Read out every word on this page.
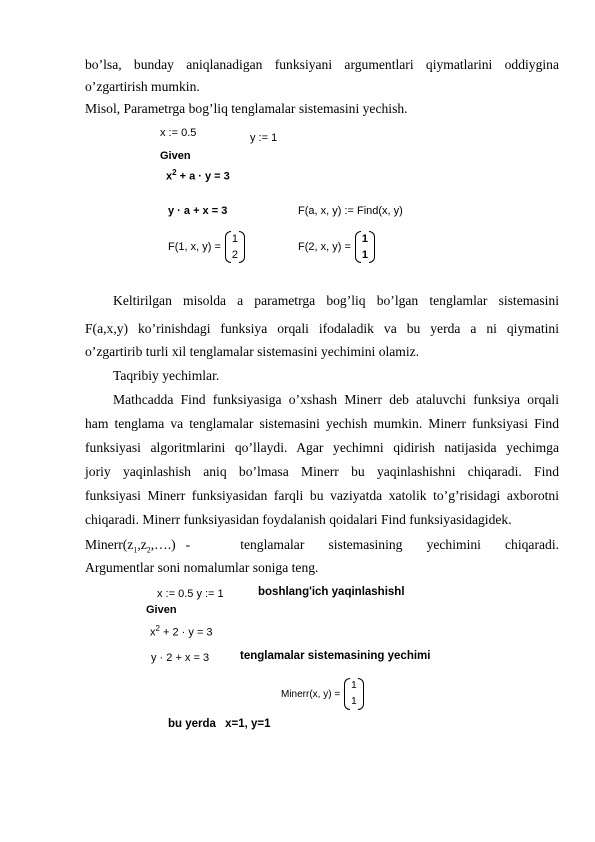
bo’lsa, bunday aniqlanadigan funksiyani argumentlari qiymatlarini oddiygina
o’zgartirish mumkin.
Misol, Parametrga bog’liq tenglamalar sistemasini yechish.
x := 0.5	y := 1
Given
$x^2 + a \cdot y = 3$
y · a + x = 3	F(a, x, y) := Find(x, y)
F(1, x, y) =
1
2
F(2, x, y) =
1
1
Keltirilgan misolda a parametrga bog’liq bo’lgan tenglamlar sistemasini
F(a,x,y) ko’rinishdagi funksiya orqali ifodaladik va bu yerda a ni qiymatini
o’zgartirib turli xil tenglamalar sistemasini yechimini olamiz.
Taqribiy yechimlar.
Mathcadda Find funksiyasiga o’xshash Minerr deb ataluvchi funksiya orqali
ham tenglama va tenglamalar sistemasini yechish mumkin. Minerr funksiyasi Find
funksiyasi algoritmlarini qo’llaydi. Agar yechimni qidirish natijasida yechimga
joriy yaqinlashish aniq bo’lmasa Minerr bu yaqinlashishni chiqaradi. Find
funksiyasi Minerr funksiyasidan farqli bu vaziyatda xatolik to’g’risidagi axborotni
chiqaradi. Minerr funksiyasidan foydalanish qoidalari Find funksiyasidagidek.
$Minerr(z_1,z_2,\dots.)$ -	tenglamalar sistemasining yechimini chiqaradi.
Argumentlar soni nomalumlar soniga teng.
x := 0.5 y := 1	boshlang'ich yaqinlashishl
Given
$x^2 + 2 \cdot y = 3$
y · 2 + x = 3	tenglamalar sistemasining yechimi
Minerr(x, y) =
1
1
bu yerda x=1, y=1
